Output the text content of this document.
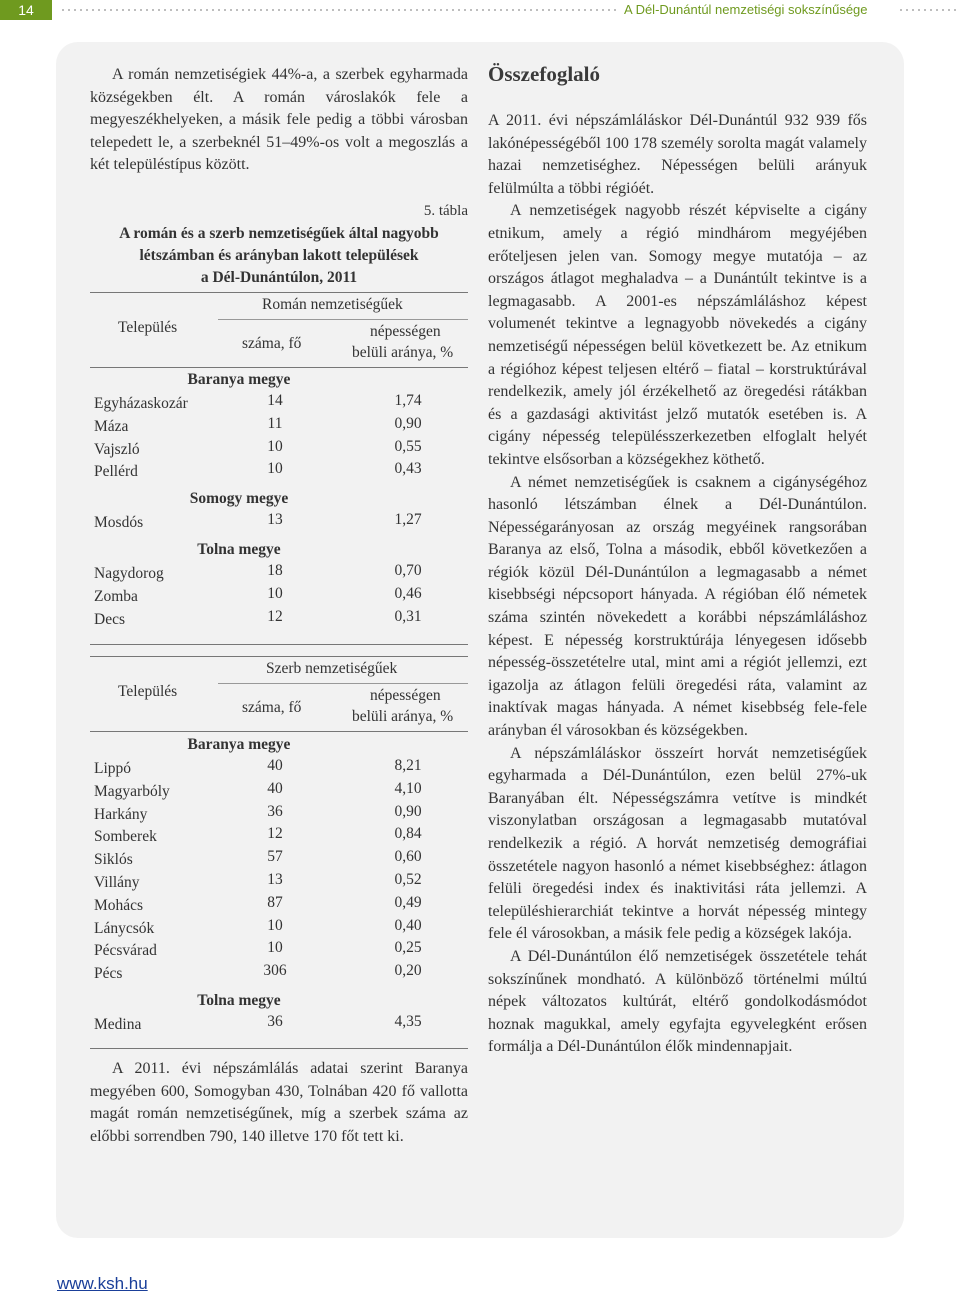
14	A Dél-Dunántúl nemzetiségi sokszínűsége

A román nemzetiségiek 44%-a, a szerbek egyharmada községekben élt. A román városlakók fele a megyeszékhelyeken, a másik fele pedig a többi városban telepedett le, a szerbeknél 51–49%-os volt a megoszlás a két településtípus között.

5. tábla
A román és a szerb nemzetiségűek által nagyobb
létszámban és arányban lakott települések
a Dél-Dunántúlon, 2011
Román nemzetiségűek
Település
száma, fő
népességen
belüli aránya, %
Baranya megye
Egyházaskozár	14	1,74
Máza	11	0,90
Vajszló	10	0,55
Pellérd	10	0,43
Somogy megye
Mosdós	13	1,27
Tolna megye
Nagydorog	18	0,70
Zomba	10	0,46
Decs	12	0,31
Szerb nemzetiségűek
Település
száma, fő
népességen
belüli aránya, %
Baranya megye
Lippó	40	8,21
Magyarbóly	40	4,10
Harkány	36	0,90
Somberek	12	0,84
Siklós	57	0,60
Villány	13	0,52
Mohács	87	0,49
Lánycsók	10	0,40
Pécsvárad	10	0,25
Pécs	306	0,20
Tolna megye
Medina	36	4,35

A 2011. évi népszámlálás adatai szerint Baranya megyében 600, Somogyban 430, Tolnában 420 fő vallotta magát román nemzetiségűnek, míg a szerbek száma az előbbi sorrendben 790, 140 illetve 170 főt tett ki.

Összefoglaló

A 2011. évi népszámláláskor Dél-Dunántúl 932 939 fős lakónépességéből 100 178 személy sorolta magát valamely hazai nemzetiséghez. Népességen belüli arányuk felülmúlta a többi régióét.

A nemzetiségek nagyobb részét képviselte a cigány etnikum, amely a régió mindhárom megyéjében erőteljesen jelen van. Somogy megye mutatója – az országos átlagot meghaladva – a Dunántúlt tekintve is a legmagasabb. A 2001-es népszámláláshoz képest volumenét tekintve a legnagyobb növekedés a cigány nemzetiségű népességen belül következett be. Az etnikum a régióhoz képest teljesen eltérő – fiatal – korstruktúrával rendelkezik, amely jól érzékelhető az öregedési rátákban és a gazdasági aktivitást jelző mutatók esetében is. A cigány népesség településszerkezetben elfoglalt helyét tekintve elsősorban a községekhez köthető.

A német nemzetiségűek is csaknem a cigánységéhoz hasonló létszámban élnek a Dél-Dunántúlon. Népességarányosan az ország megyéinek rangsorában Baranya az első, Tolna a második, ebből következően a régiók közül Dél-Dunántúlon a legmagasabb a német kisebbségi népcsoport hányada. A régióban élő németek száma szintén növekedett a korábbi népszámláláshoz képest. E népesség korstruktúrája lényegesen idősebb népesség-összetételre utal, mint ami a régiót jellemzi, ezt igazolja az átlagon felüli öregedési ráta, valamint az inaktívak magas hányada. A német kisebbség fele-fele arányban él városokban és községekben.

A népszámláláskor összeírt horvát nemzetiségűek egyharmada a Dél-Dunántúlon, ezen belül 27%-uk Baranyában élt. Népességszámra vetítve is mindkét viszonylatban országosan a legmagasabb mutatóval rendelkezik a régió. A horvát nemzetiség demográfiai összetétele nagyon hasonló a német kisebbséghez: átlagon felüli öregedési index és inaktivitási ráta jellemzi. A településhierarchiát tekintve a horvát népesség mintegy fele él városokban, a másik fele pedig a községek lakója.

A Dél-Dunántúlon élő nemzetiségek összetétele tehát sokszínűnek mondható. A különböző történelmi múltú népek változatos kultúrát, eltérő gondolkodásmódot hoznak magukkal, amely egyfajta egyvelegként erősen formálja a Dél-Dunántúlon élők mindennapjait.

www.ksh.hu
